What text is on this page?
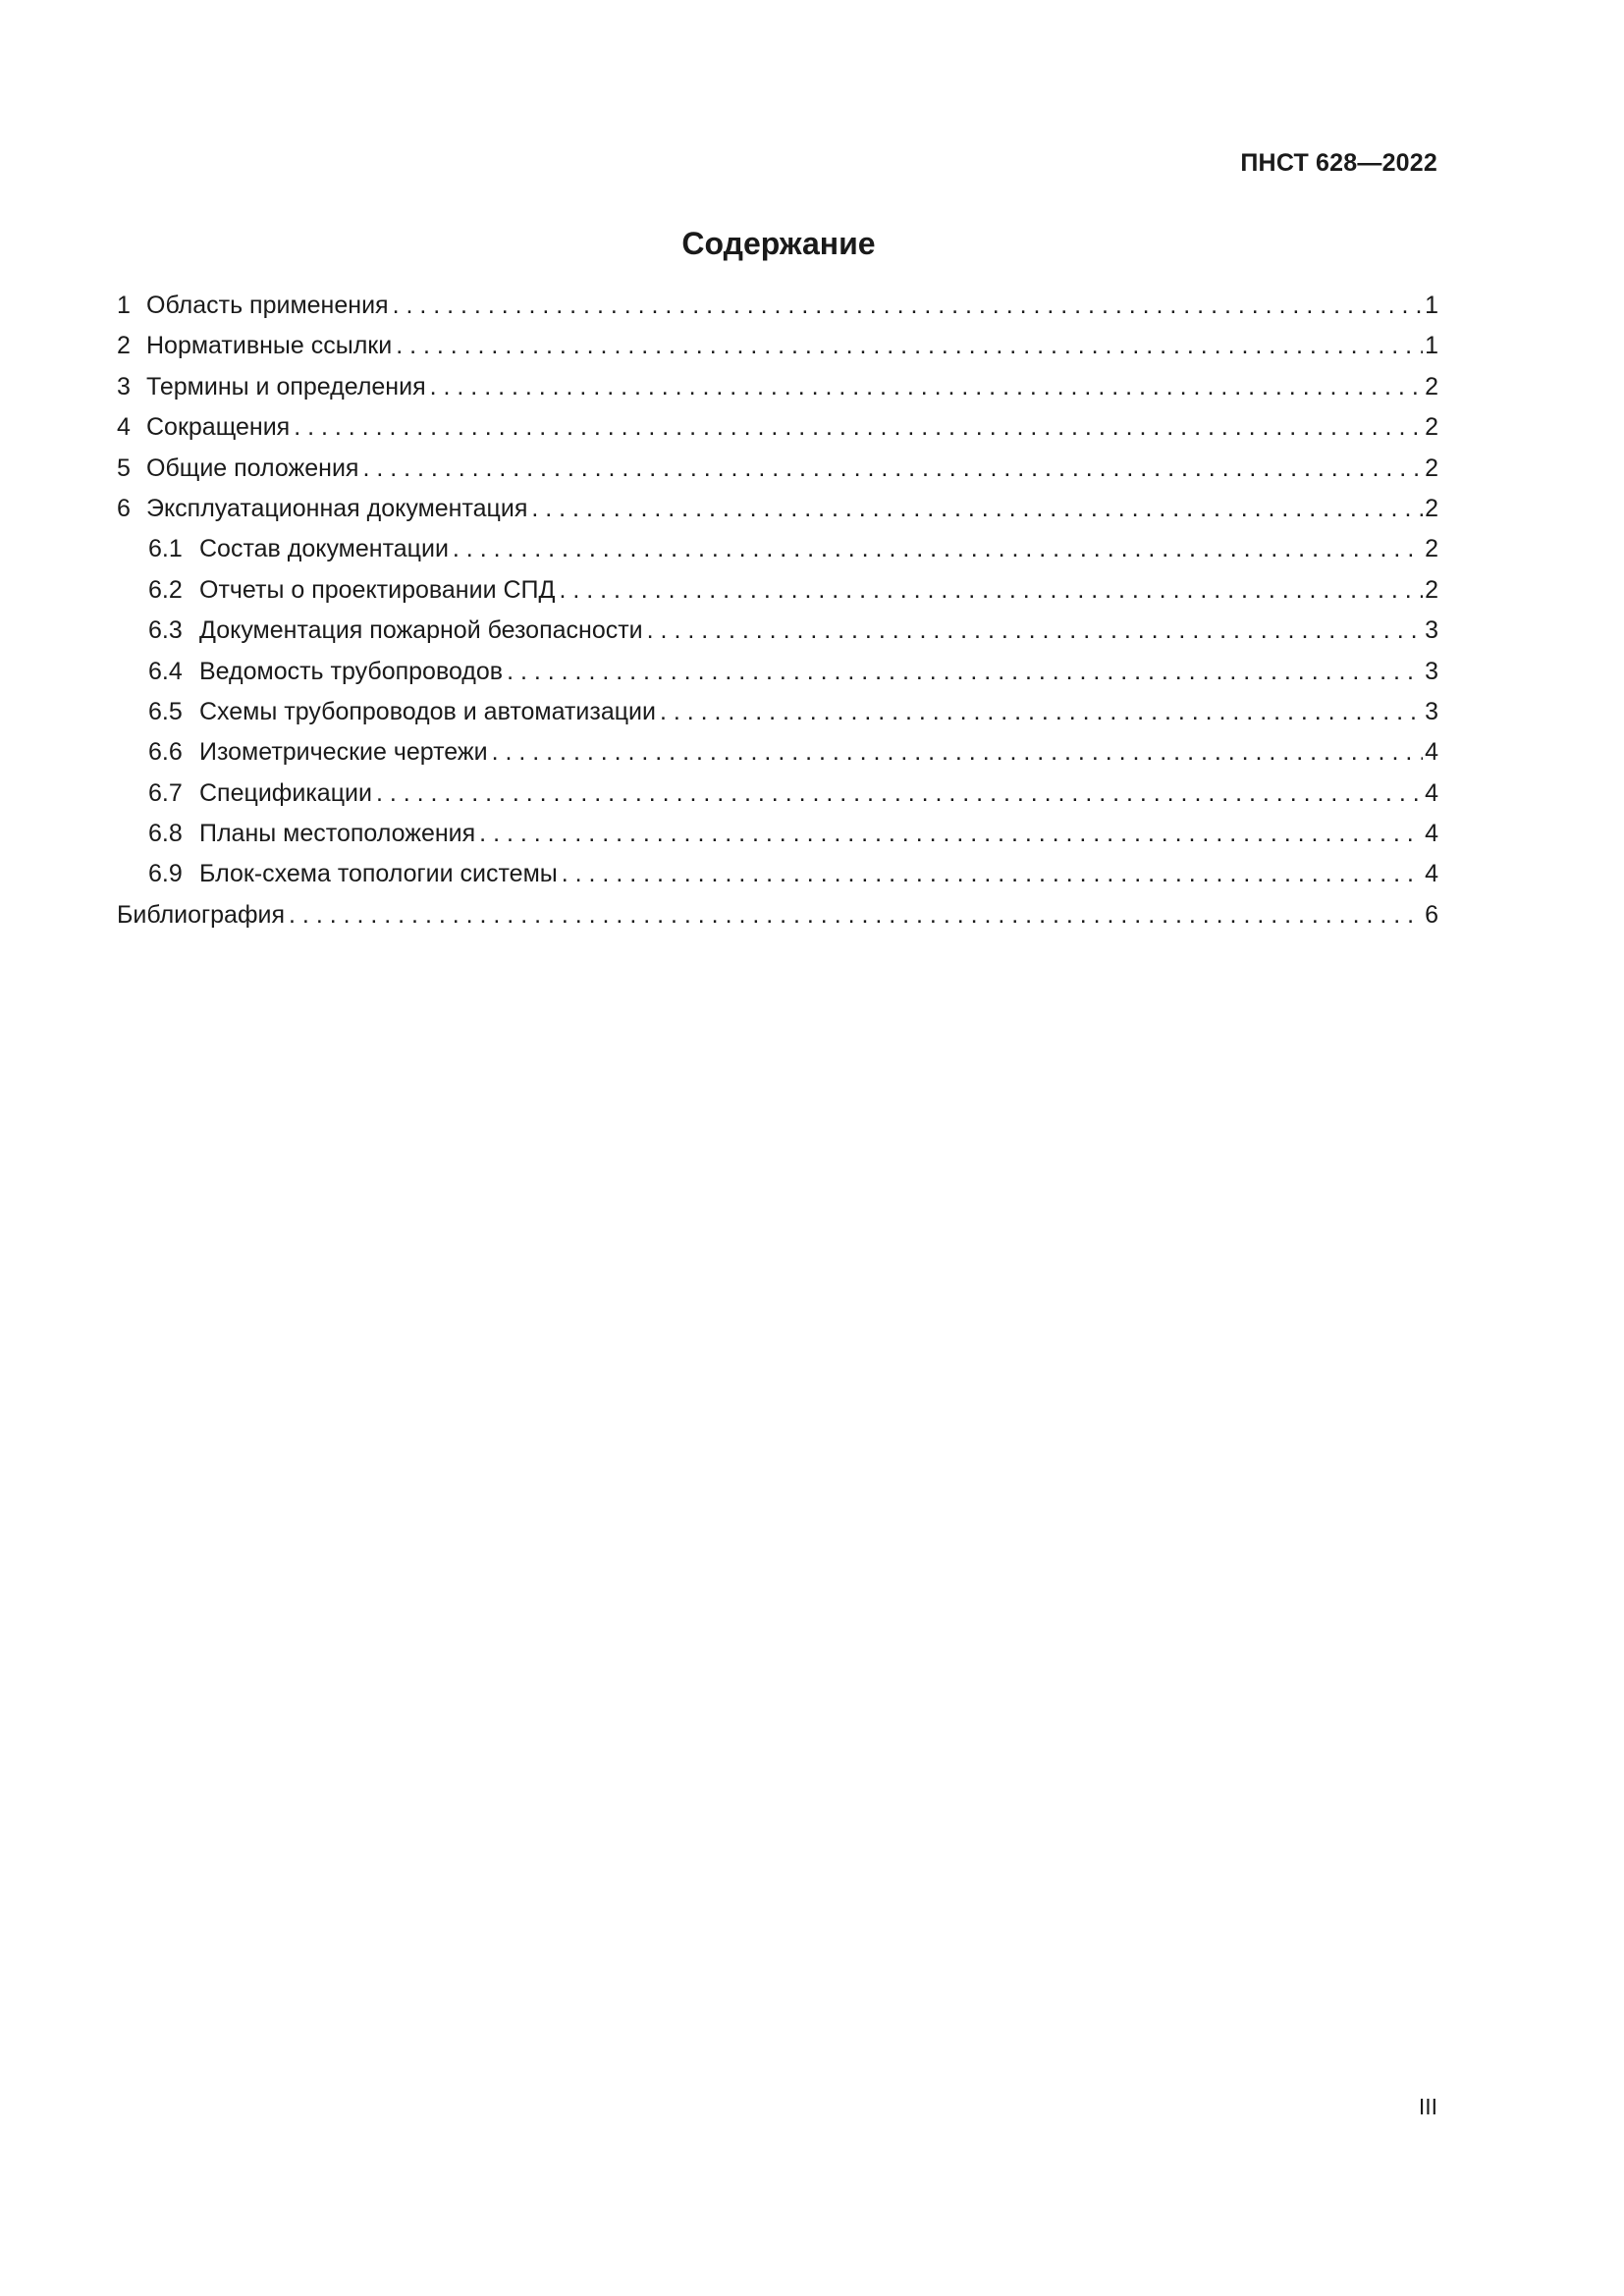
ПНСТ 628—2022
Содержание
1 Область применения . . .	1
2 Нормативные ссылки . . .	1
3 Термины и определения . . .	2
4 Сокращения . . .	2
5 Общие положения . . .	2
6 Эксплуатационная документация . . .	2
6.1 Состав документации . . .	2
6.2 Отчеты о проектировании СПД . . .	2
6.3 Документация пожарной безопасности . . .	3
6.4 Ведомость трубопроводов . . .	3
6.5 Схемы трубопроводов и автоматизации . . .	3
6.6 Изометрические чертежи . . .	4
6.7 Спецификации . . .	4
6.8 Планы местоположения . . .	4
6.9 Блок-схема топологии системы . . .	4
Библиография . . .	6
III
